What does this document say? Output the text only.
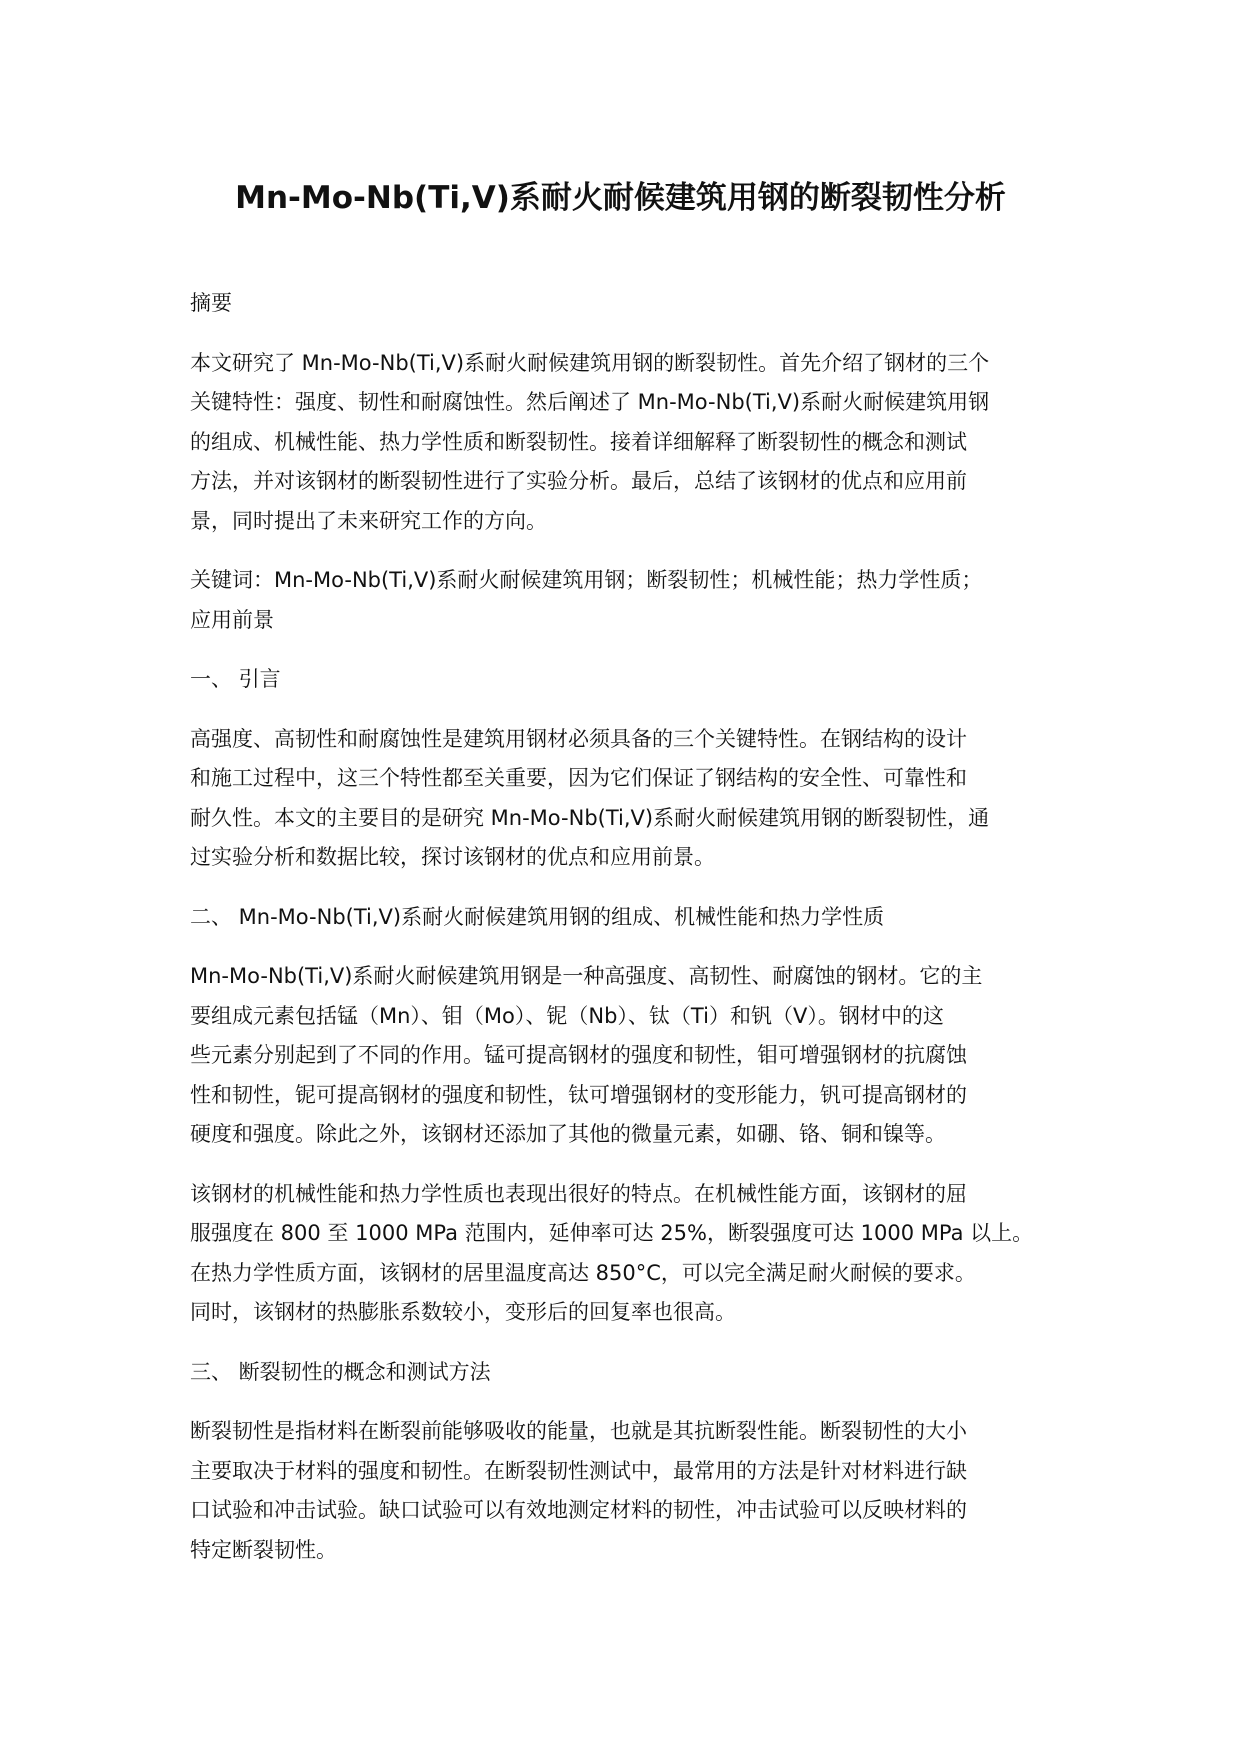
Mn-Mo-Nb(Ti,V)系耐火耐候建筑用钢的断裂韧性分析
摘要
本文研究了 Mn-Mo-Nb(Ti,V)系耐火耐候建筑用钢的断裂韧性。首先介绍了钢材的三个
关键特性：强度、韧性和耐腐蚀性。然后阐述了 Mn-Mo-Nb(Ti,V)系耐火耐候建筑用钢
的组成、机械性能、热力学性质和断裂韧性。接着详细解释了断裂韧性的概念和测试
方法，并对该钢材的断裂韧性进行了实验分析。最后，总结了该钢材的优点和应用前
景，同时提出了未来研究工作的方向。
关键词：Mn-Mo-Nb(Ti,V)系耐火耐候建筑用钢；断裂韧性；机械性能；热力学性质；
应用前景
一、 引言
高强度、高韧性和耐腐蚀性是建筑用钢材必须具备的三个关键特性。在钢结构的设计
和施工过程中，这三个特性都至关重要，因为它们保证了钢结构的安全性、可靠性和
耐久性。本文的主要目的是研究 Mn-Mo-Nb(Ti,V)系耐火耐候建筑用钢的断裂韧性，通
过实验分析和数据比较，探讨该钢材的优点和应用前景。
二、 Mn-Mo-Nb(Ti,V)系耐火耐候建筑用钢的组成、机械性能和热力学性质
Mn-Mo-Nb(Ti,V)系耐火耐候建筑用钢是一种高强度、高韧性、耐腐蚀的钢材。它的主
要组成元素包括锰（Mn）、钼（Mo）、铌（Nb）、钛（Ti）和钒（V）。钢材中的这
些元素分别起到了不同的作用。锰可提高钢材的强度和韧性，钼可增强钢材的抗腐蚀
性和韧性，铌可提高钢材的强度和韧性，钛可增强钢材的变形能力，钒可提高钢材的
硬度和强度。除此之外，该钢材还添加了其他的微量元素，如硼、铬、铜和镍等。
该钢材的机械性能和热力学性质也表现出很好的特点。在机械性能方面，该钢材的屈
服强度在 800 至 1000 MPa 范围内，延伸率可达 25%，断裂强度可达 1000 MPa 以上。
在热力学性质方面，该钢材的居里温度高达 850°C，可以完全满足耐火耐候的要求。
同时，该钢材的热膨胀系数较小，变形后的回复率也很高。
三、 断裂韧性的概念和测试方法
断裂韧性是指材料在断裂前能够吸收的能量，也就是其抗断裂性能。断裂韧性的大小
主要取决于材料的强度和韧性。在断裂韧性测试中，最常用的方法是针对材料进行缺
口试验和冲击试验。缺口试验可以有效地测定材料的韧性，冲击试验可以反映材料的
特定断裂韧性。
